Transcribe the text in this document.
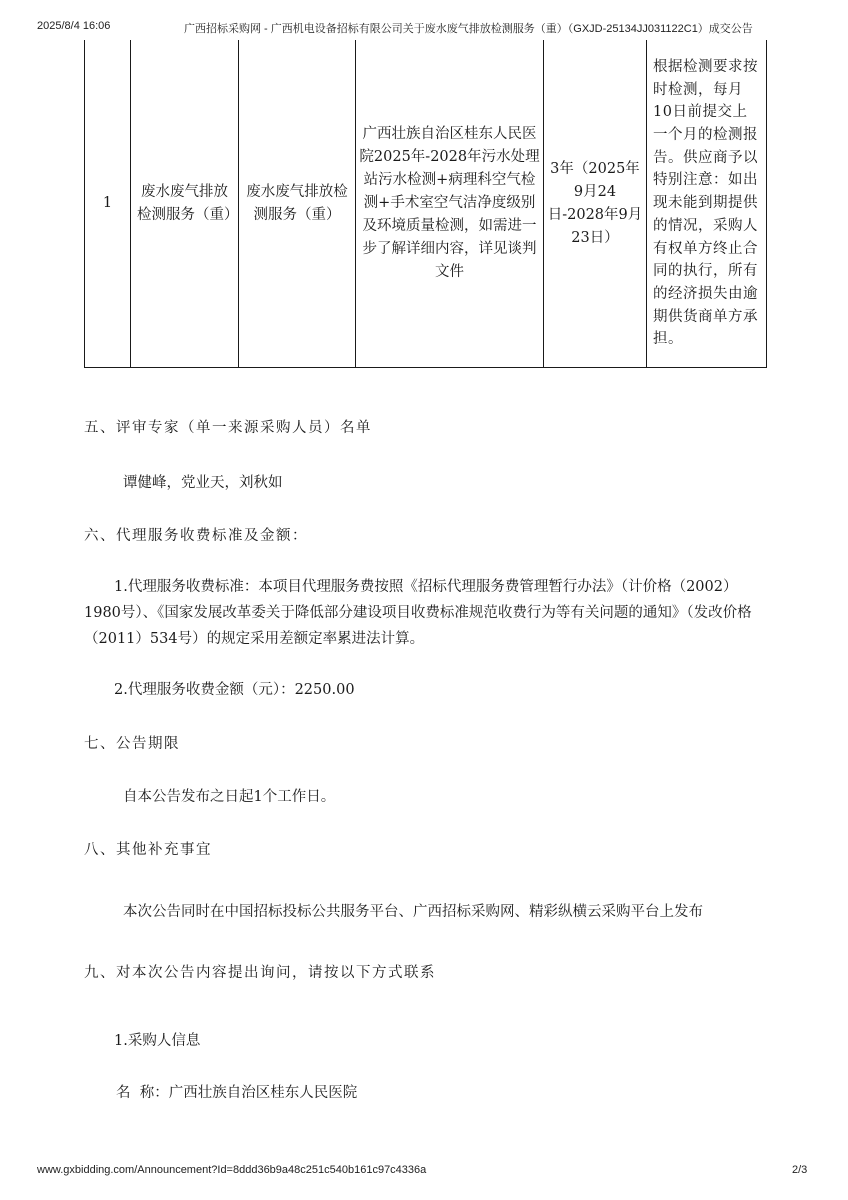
2025/8/4 16:06	广西招标采购网 - 广西机电设备招标有限公司关于废水废气排放检测服务（重）（GXJD-25134JJ031122C1）成交公告
1	废水废气排放检测服务（重）	废水废气排放检测服务（重）	广西壮族自治区桂东人民医院2025年-2028年污水处理站污水检测+病理科空气检测+手术室空气洁净度级别及环境质量检测，如需进一步了解详细内容，详见谈判文件	3年（2025年9月24日-2028年9月23日）	根据检测要求按时检测，每月10日前提交上一个月的检测报告。供应商予以特别注意：如出现未能到期提供的情况，采购人有权单方终止合同的执行，所有的经济损失由逾期供货商单方承担。
五、评审专家（单一来源采购人员）名单
谭健峰，党业天，刘秋如
六、代理服务收费标准及金额：
1.代理服务收费标准：本项目代理服务费按照《招标代理服务费管理暂行办法》（计价格（2002）1980号）、《国家发展改革委关于降低部分建设项目收费标准规范收费行为等有关问题的通知》（发改价格（2011）534号）的规定采用差额定率累进法计算。
2.代理服务收费金额（元）：2250.00
七、公告期限
自本公告发布之日起1个工作日。
八、其他补充事宜
本次公告同时在中国招标投标公共服务平台、广西招标采购网、精彩纵横云采购平台上发布
九、对本次公告内容提出询问，请按以下方式联系
1.采购人信息
名  称：广西壮族自治区桂东人民医院
www.gxbidding.com/Announcement?Id=8ddd36b9a48c251c540b161c97c4336a	2/3
